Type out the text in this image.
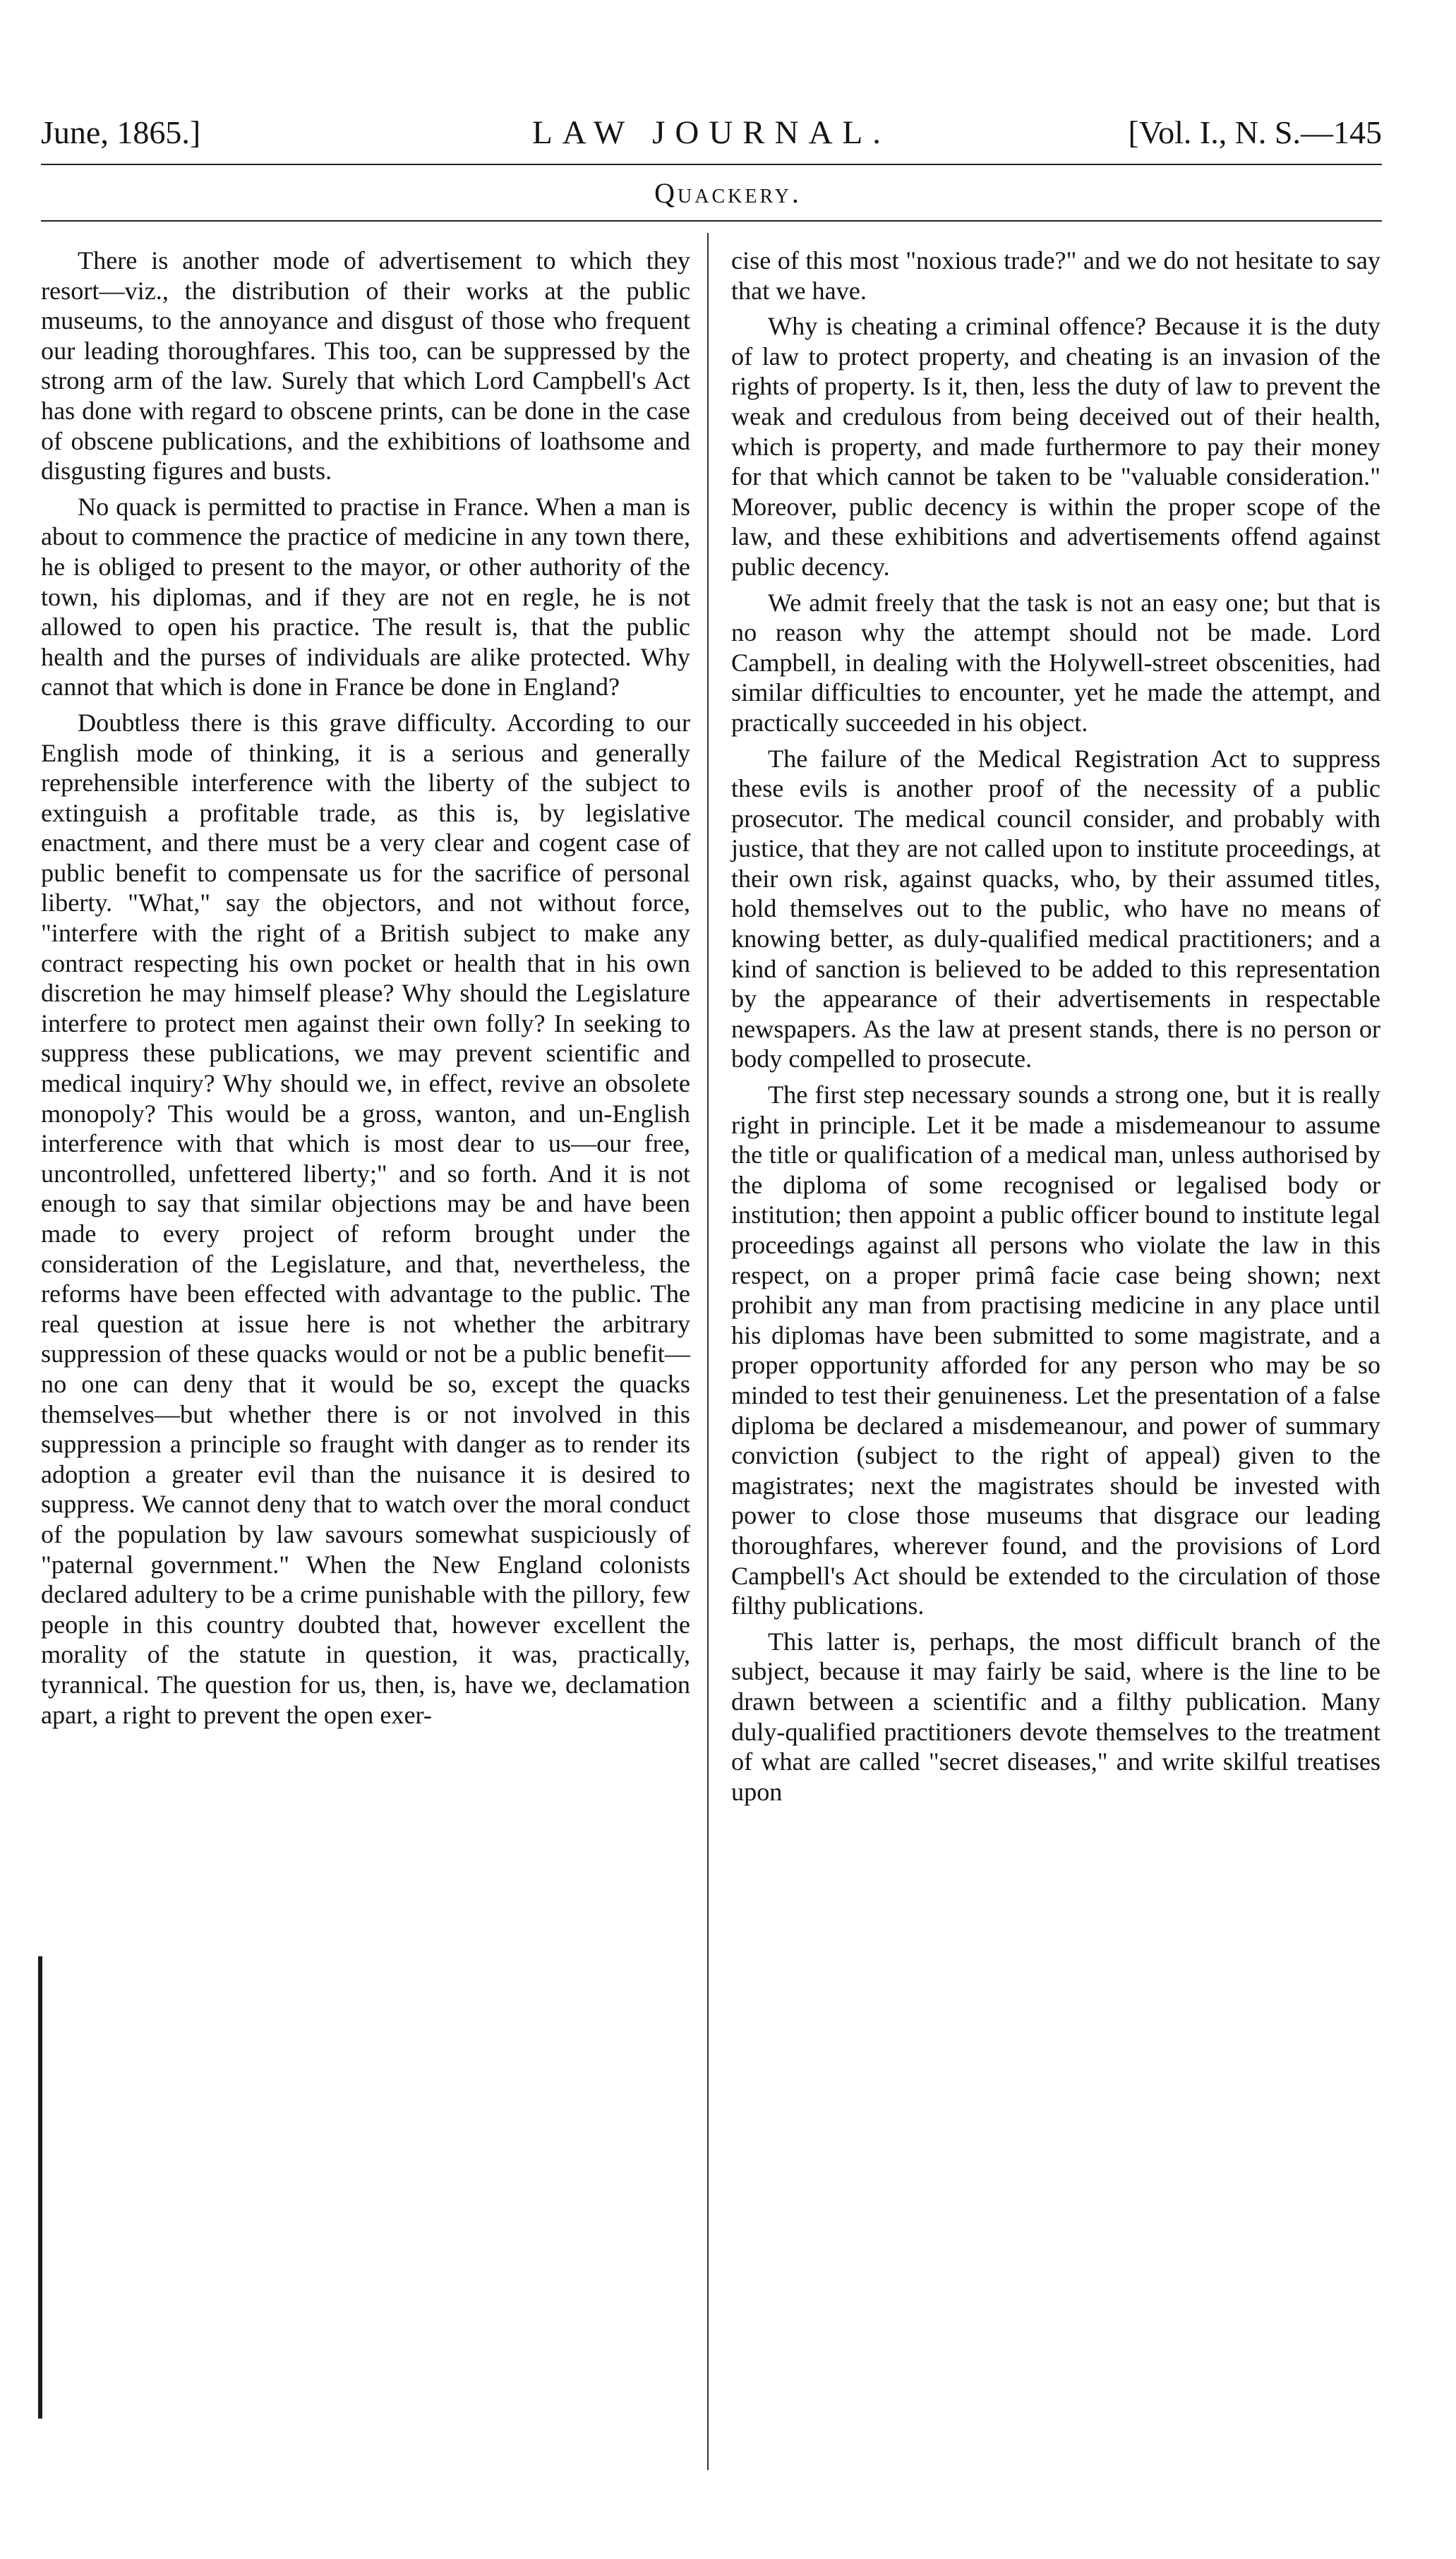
June, 1865.]	LAW JOURNAL.	[Vol. I., N. S.—145
Quackery.

There is another mode of advertisement to which they resort—viz., the distribution of their works at the public museums, to the annoyance and disgust of those who frequent our leading thoroughfares. This too, can be suppressed by the strong arm of the law. Surely that which Lord Campbell's Act has done with regard to obscene prints, can be done in the case of obscene publications, and the exhibitions of loathsome and disgusting figures and busts.

No quack is permitted to practise in France. When a man is about to commence the practice of medicine in any town there, he is obliged to present to the mayor, or other authority of the town, his diplomas, and if they are not en regle, he is not allowed to open his practice. The result is, that the public health and the purses of individuals are alike protected. Why cannot that which is done in France be done in England?

Doubtless there is this grave difficulty. According to our English mode of thinking, it is a serious and generally reprehensible interference with the liberty of the subject to extinguish a profitable trade, as this is, by legislative enactment, and there must be a very clear and cogent case of public benefit to compensate us for the sacrifice of personal liberty. "What," say the objectors, and not without force, "interfere with the right of a British subject to make any contract respecting his own pocket or health that in his own discretion he may himself please? Why should the Legislature interfere to protect men against their own folly? In seeking to suppress these publications, we may prevent scientific and medical inquiry? Why should we, in effect, revive an obsolete monopoly? This would be a gross, wanton, and un-English interference with that which is most dear to us—our free, uncontrolled, unfettered liberty;" and so forth. And it is not enough to say that similar objections may be and have been made to every project of reform brought under the consideration of the Legislature, and that, nevertheless, the reforms have been effected with advantage to the public. The real question at issue here is not whether the arbitrary suppression of these quacks would or not be a public benefit—no one can deny that it would be so, except the quacks themselves—but whether there is or not involved in this suppression a principle so fraught with danger as to render its adoption a greater evil than the nuisance it is desired to suppress. We cannot deny that to watch over the moral conduct of the population by law savours somewhat suspiciously of "paternal government." When the New England colonists declared adultery to be a crime punishable with the pillory, few people in this country doubted that, however excellent the morality of the statute in question, it was, practically, tyrannical. The question for us, then, is, have we, declamation apart, a right to prevent the open exer-

cise of this most "noxious trade?" and we do not hesitate to say that we have.

Why is cheating a criminal offence? Because it is the duty of law to protect property, and cheating is an invasion of the rights of property. Is it, then, less the duty of law to prevent the weak and credulous from being deceived out of their health, which is property, and made furthermore to pay their money for that which cannot be taken to be "valuable consideration." Moreover, public decency is within the proper scope of the law, and these exhibitions and advertisements offend against public decency.

We admit freely that the task is not an easy one; but that is no reason why the attempt should not be made. Lord Campbell, in dealing with the Holywell-street obscenities, had similar difficulties to encounter, yet he made the attempt, and practically succeeded in his object.

The failure of the Medical Registration Act to suppress these evils is another proof of the necessity of a public prosecutor. The medical council consider, and probably with justice, that they are not called upon to institute proceedings, at their own risk, against quacks, who, by their assumed titles, hold themselves out to the public, who have no means of knowing better, as duly-qualified medical practitioners; and a kind of sanction is believed to be added to this representation by the appearance of their advertisements in respectable newspapers. As the law at present stands, there is no person or body compelled to prosecute.

The first step necessary sounds a strong one, but it is really right in principle. Let it be made a misdemeanour to assume the title or qualification of a medical man, unless authorised by the diploma of some recognised or legalised body or institution; then appoint a public officer bound to institute legal proceedings against all persons who violate the law in this respect, on a proper primâ facie case being shown; next prohibit any man from practising medicine in any place until his diplomas have been submitted to some magistrate, and a proper opportunity afforded for any person who may be so minded to test their genuineness. Let the presentation of a false diploma be declared a misdemeanour, and power of summary conviction (subject to the right of appeal) given to the magistrates; next the magistrates should be invested with power to close those museums that disgrace our leading thoroughfares, wherever found, and the provisions of Lord Campbell's Act should be extended to the circulation of those filthy publications.

This latter is, perhaps, the most difficult branch of the subject, because it may fairly be said, where is the line to be drawn between a scientific and a filthy publication. Many duly-qualified practitioners devote themselves to the treatment of what are called "secret diseases," and write skilful treatises upon
